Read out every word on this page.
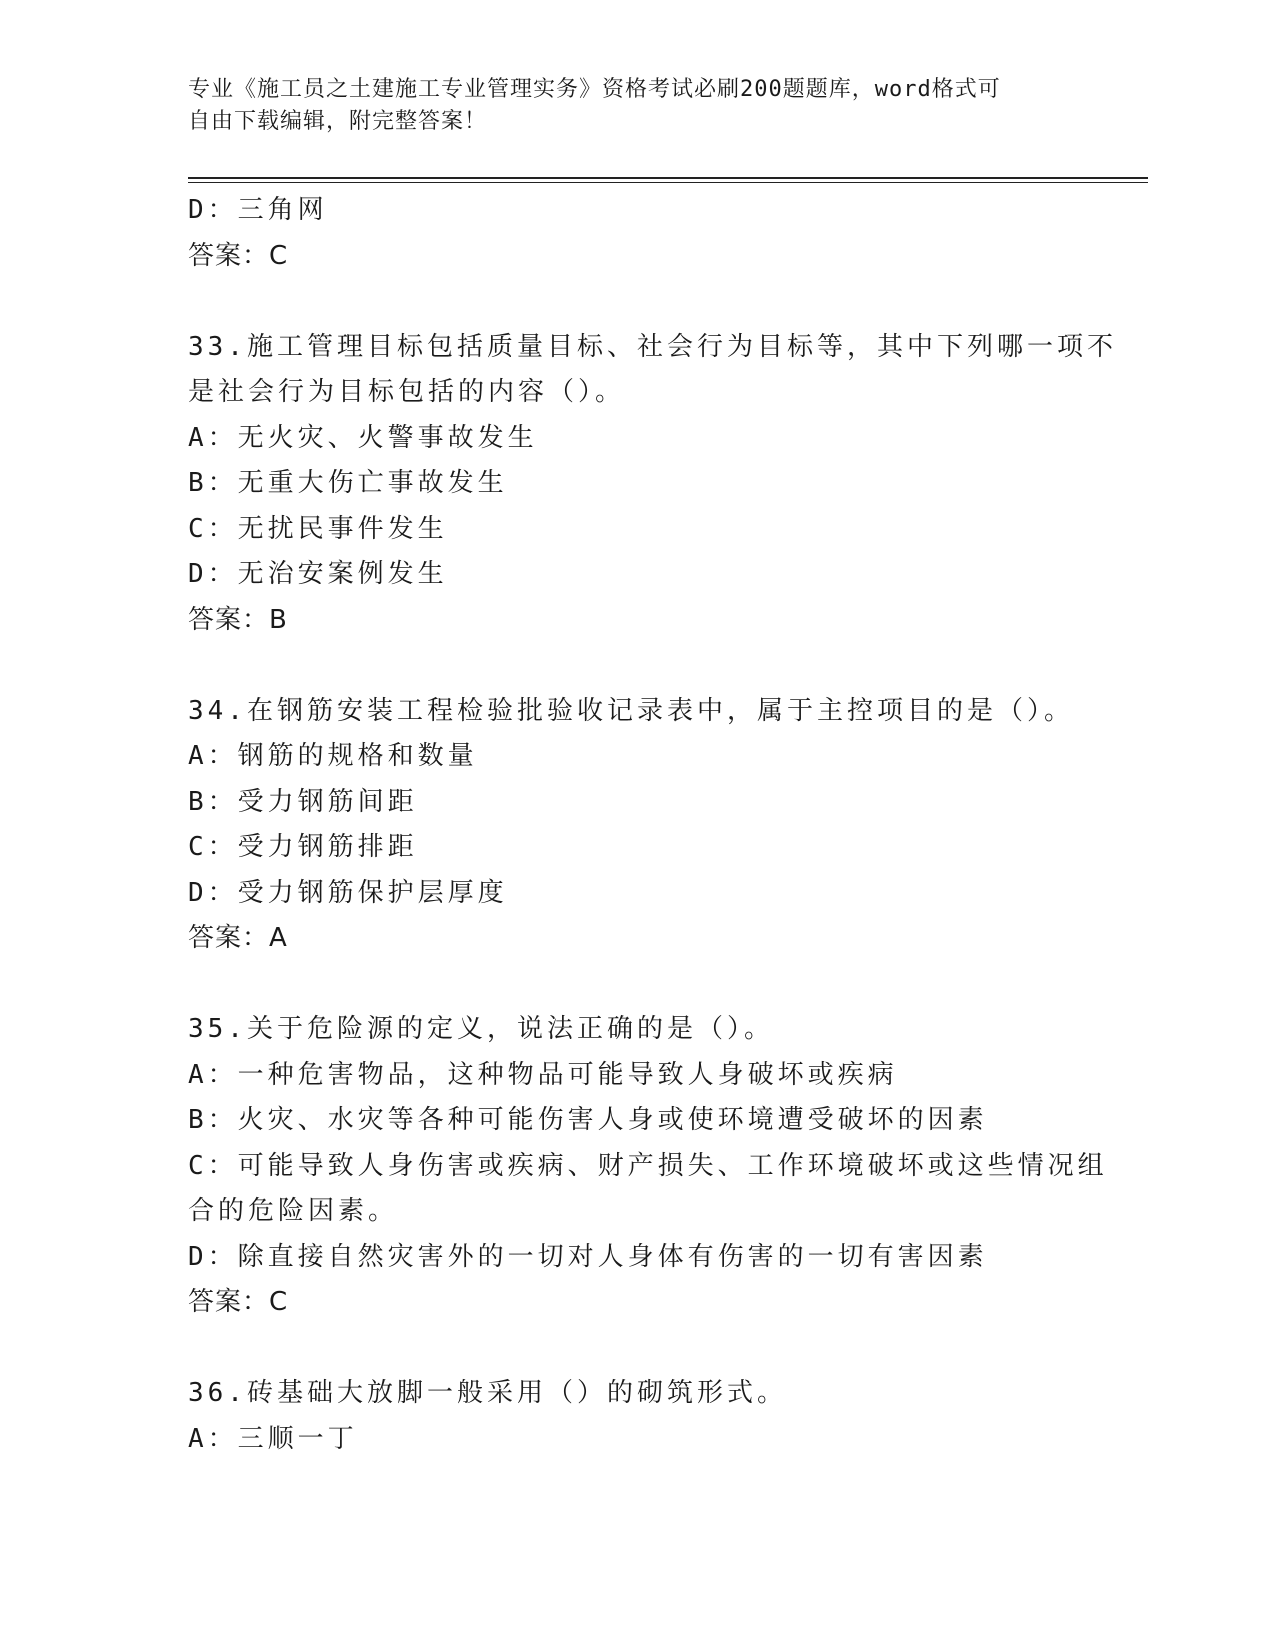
专业《施工员之土建施工专业管理实务》资格考试必刷200题题库，word格式可
自由下载编辑，附完整答案！
D：三角网
答案：C
33.施工管理目标包括质量目标、社会行为目标等，其中下列哪一项不
是社会行为目标包括的内容（）。
A：无火灾、火警事故发生
B：无重大伤亡事故发生
C：无扰民事件发生
D：无治安案例发生
答案：B
34.在钢筋安装工程检验批验收记录表中，属于主控项目的是（）。
A：钢筋的规格和数量
B：受力钢筋间距
C：受力钢筋排距
D：受力钢筋保护层厚度
答案：A
35.关于危险源的定义，说法正确的是（）。
A：一种危害物品，这种物品可能导致人身破坏或疾病
B：火灾、水灾等各种可能伤害人身或使环境遭受破坏的因素
C：可能导致人身伤害或疾病、财产损失、工作环境破坏或这些情况组
合的危险因素。
D：除直接自然灾害外的一切对人身体有伤害的一切有害因素
答案：C
36.砖基础大放脚一般采用（）的砌筑形式。
A：三顺一丁
